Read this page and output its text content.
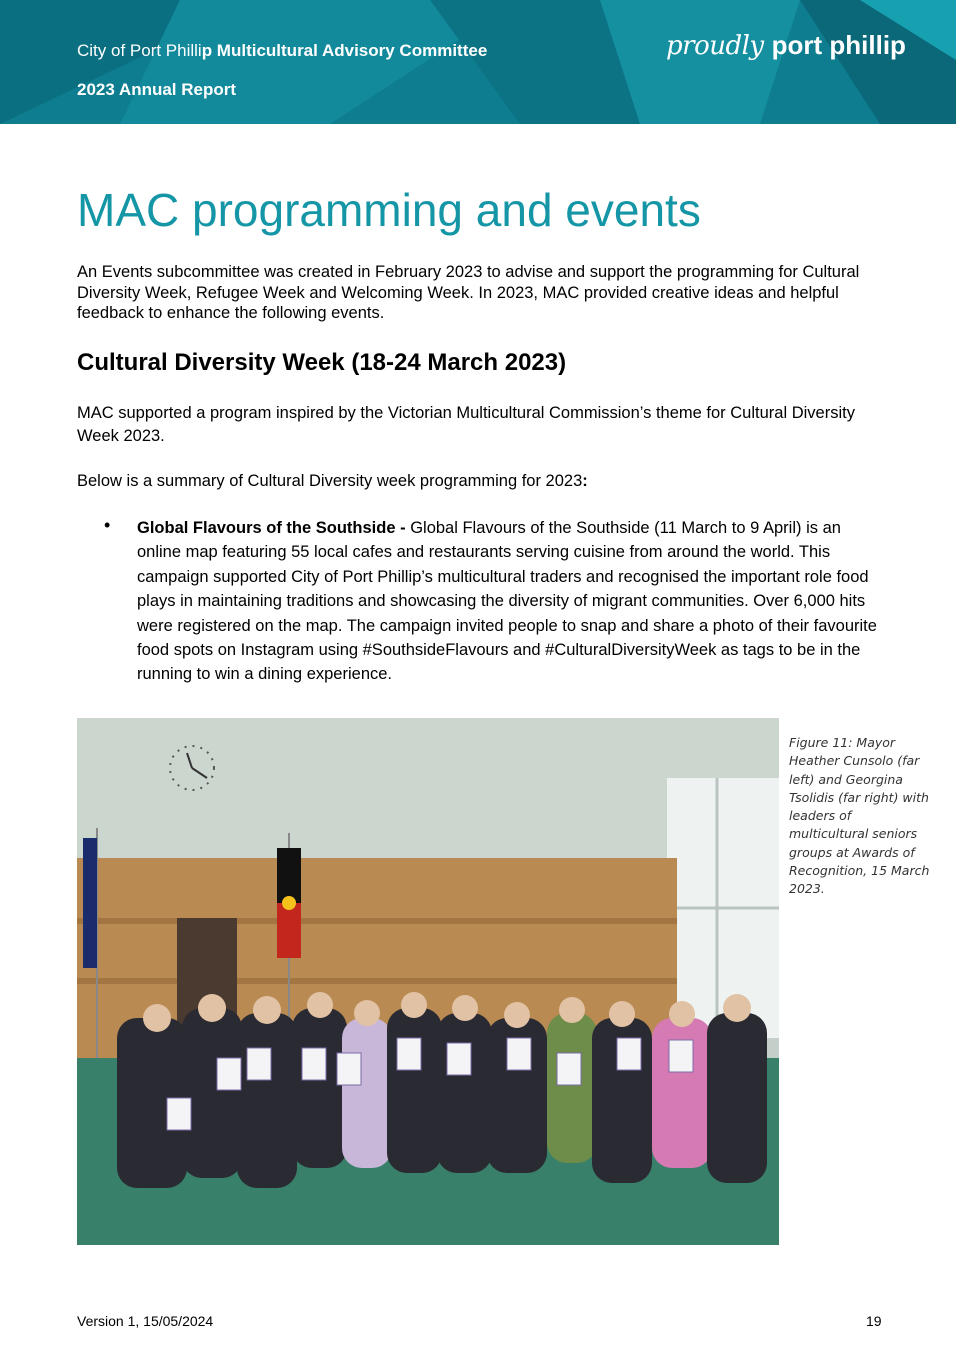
City of Port Phillip Multicultural Advisory Committee
2023 Annual Report
proudly port phillip
MAC programming and events

An Events subcommittee was created in February 2023 to advise and support the programming for Cultural Diversity Week, Refugee Week and Welcoming Week. In 2023, MAC provided creative ideas and helpful feedback to enhance the following events.

Cultural Diversity Week (18-24 March 2023)

MAC supported a program inspired by the Victorian Multicultural Commission’s theme for Cultural Diversity Week 2023.

Below is a summary of Cultural Diversity week programming for 2023:

• Global Flavours of the Southside - Global Flavours of the Southside (11 March to 9 April) is an online map featuring 55 local cafes and restaurants serving cuisine from around the world. This campaign supported City of Port Phillip’s multicultural traders and recognised the important role food plays in maintaining traditions and showcasing the diversity of migrant communities. Over 6,000 hits were registered on the map. The campaign invited people to snap and share a photo of their favourite food spots on Instagram using #SouthsideFlavours and #CulturalDiversityWeek as tags to be in the running to win a dining experience.
Figure 11: Mayor Heather Cunsolo (far left) and Georgina Tsolidis (far right) with leaders of multicultural seniors groups at Awards of Recognition, 15 March 2023.
Version 1, 15/05/2024	19
